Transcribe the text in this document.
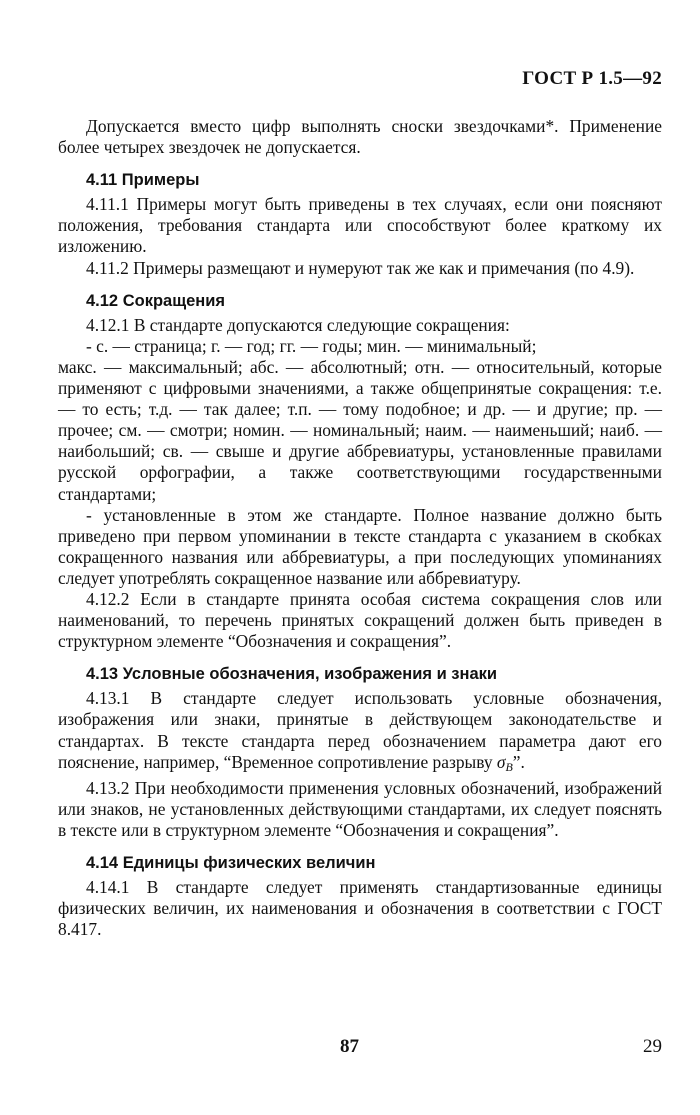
ГОСТ Р 1.5—92

Допускается вместо цифр выполнять сноски звездочками*. Применение более четырех звездочек не допускается.

4.11 Примеры

4.11.1 Примеры могут быть приведены в тех случаях, если они поясняют положения, требования стандарта или способствуют более краткому их изложению.

4.11.2 Примеры размещают и нумеруют так же как и примечания (по 4.9).

4.12 Сокращения

4.12.1 В стандарте допускаются следующие сокращения:

- с. — страница; г. — год; гг. — годы; мин. — минимальный;

макс. — максимальный; абс. — абсолютный; отн. — относительный, которые применяют с цифровыми значениями, а также общепринятые сокращения: т.е. — то есть; т.д. — так далее; т.п. — тому подобное; и др. — и другие; пр. — прочее; см. — смотри; номин. — номинальный; наим. — наименьший; наиб. — наибольший; св. — свыше и другие аббревиатуры, установленные правилами русской орфографии, а также соответствующими государственными стандартами;

- установленные в этом же стандарте. Полное название должно быть приведено при первом упоминании в тексте стандарта с указанием в скобках сокращенного названия или аббревиатуры, а при последующих упоминаниях следует употреблять сокращенное название или аббревиатуру.

4.12.2 Если в стандарте принята особая система сокращения слов или наименований, то перечень принятых сокращений должен быть приведен в структурном элементе “Обозначения и сокращения”.

4.13 Условные обозначения, изображения и знаки

4.13.1 В стандарте следует использовать условные обозначения, изображения или знаки, принятые в действующем законодательстве и стандартах. В тексте стандарта перед обозначением параметра дают его пояснение, например, “Временное сопротивление разрыву $\sigma_B$”.

4.13.2 При необходимости применения условных обозначений, изображений или знаков, не установленных действующими стандартами, их следует пояснять в тексте или в структурном элементе “Обозначения и сокращения”.

4.14 Единицы физических величин

4.14.1 В стандарте следует применять стандартизованные единицы физических величин, их наименования и обозначения в соответствии с ГОСТ 8.417.

87	29
